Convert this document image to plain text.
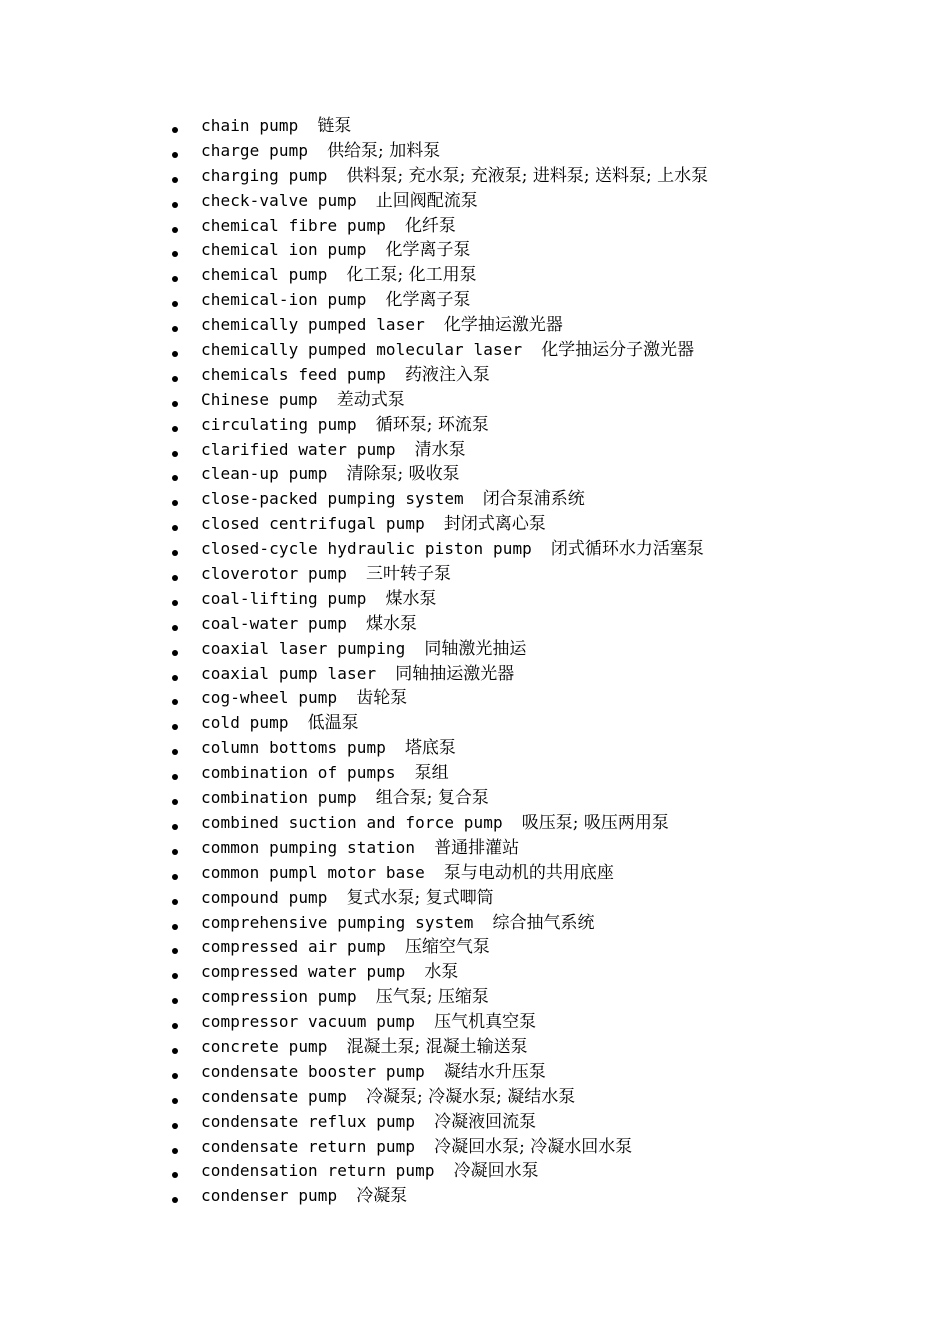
chain pump 链泵
charge pump 供给泵; 加料泵
charging pump 供料泵; 充水泵; 充液泵; 进料泵; 送料泵; 上水泵
check-valve pump 止回阀配流泵
chemical fibre pump 化纤泵
chemical ion pump 化学离子泵
chemical pump 化工泵; 化工用泵
chemical-ion pump 化学离子泵
chemically pumped laser 化学抽运激光器
chemically pumped molecular laser 化学抽运分子激光器
chemicals feed pump 药液注入泵
Chinese pump 差动式泵
circulating pump 循环泵; 环流泵
clarified water pump 清水泵
clean-up pump 清除泵; 吸收泵
close-packed pumping system 闭合泵浦系统
closed centrifugal pump 封闭式离心泵
closed-cycle hydraulic piston pump 闭式循环水力活塞泵
cloverotor pump 三叶转子泵
coal-lifting pump 煤水泵
coal-water pump 煤水泵
coaxial laser pumping 同轴激光抽运
coaxial pump laser 同轴抽运激光器
cog-wheel pump 齿轮泵
cold pump 低温泵
column bottoms pump 塔底泵
combination of pumps 泵组
combination pump 组合泵; 复合泵
combined suction and force pump 吸压泵; 吸压两用泵
common pumping station 普通排灌站
common pumpl motor base 泵与电动机的共用底座
compound pump 复式水泵; 复式唧筒
comprehensive pumping system 综合抽气系统
compressed air pump 压缩空气泵
compressed water pump 水泵
compression pump 压气泵; 压缩泵
compressor vacuum pump 压气机真空泵
concrete pump 混凝土泵; 混凝土输送泵
condensate booster pump 凝结水升压泵
condensate pump 冷凝泵; 冷凝水泵; 凝结水泵
condensate reflux pump 冷凝液回流泵
condensate return pump 冷凝回水泵; 冷凝水回水泵
condensation return pump 冷凝回水泵
condenser pump 冷凝泵
